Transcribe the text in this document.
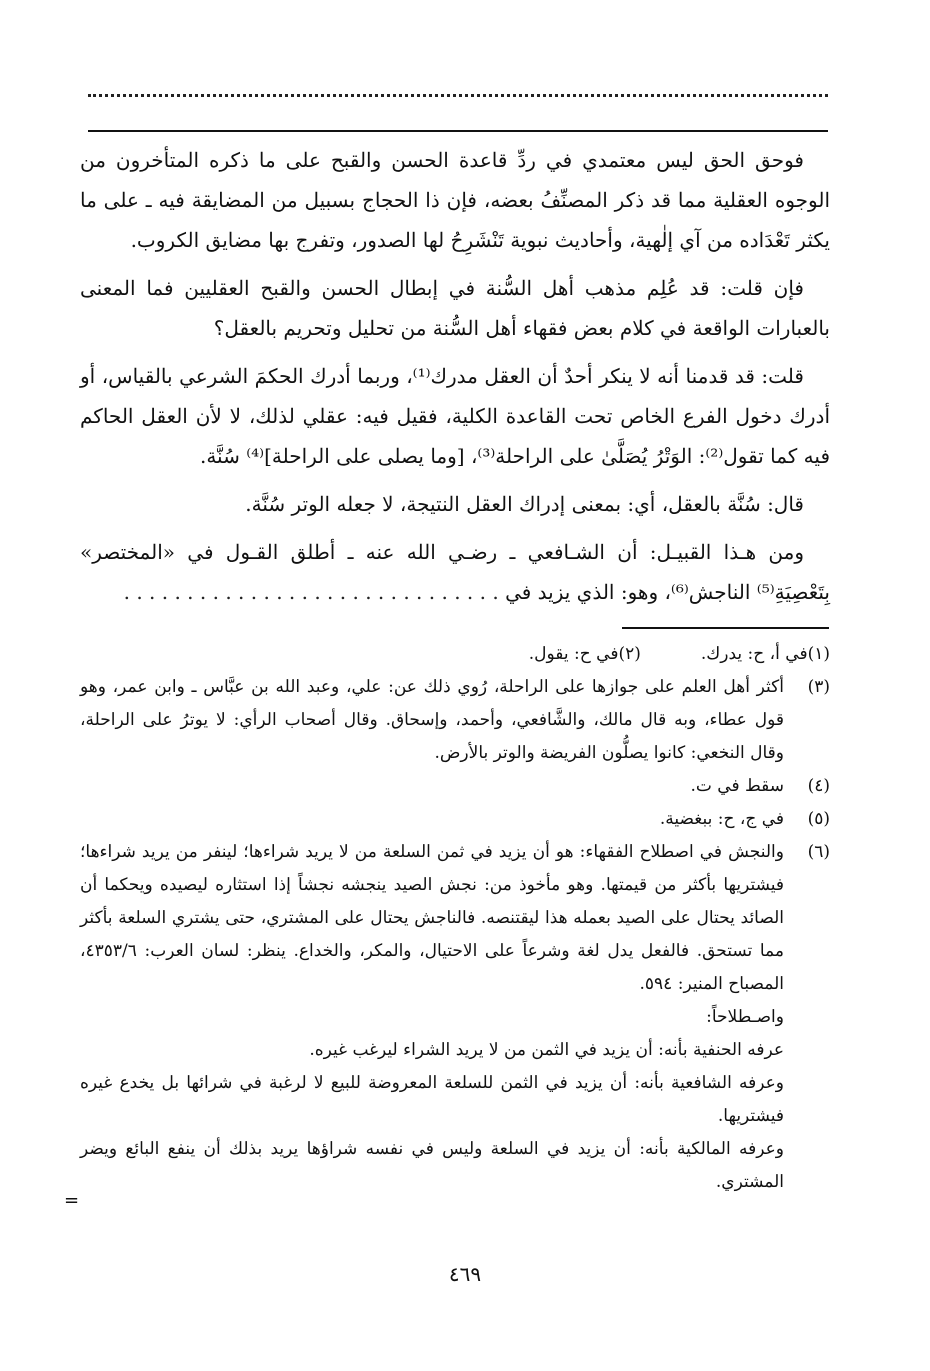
فوحق الحق ليس معتمدي في ردِّ قاعدة الحسن والقبح على ما ذكره المتأخرون من الوجوه العقلية مما قد ذكر المصنِّفُ بعضه، فإن ذا الحجاج بسبيل من المضايقة فيه ـ على ما يكثر تَعْدَاده من آي إلٰهية، وأحاديث نبوية تَنْشَرِحُ لها الصدور، وتفرج بها مضايق الكروب.

فإن قلت: قد عُلِم مذهب أهل السُّنة في إبطال الحسن والقبح العقليين فما المعنى بالعبارات الواقعة في كلام بعض فقهاء أهل السُّنة من تحليل وتحريم بالعقل؟

قلت: قد قدمنا أنه لا ينكر أحدٌ أن العقل مدرك⁽¹⁾، وربما أدرك الحكمَ الشرعي بالقياس، أو أدرك دخول الفرع الخاص تحت القاعدة الكلية، فقيل فيه: عقلي لذلك، لا لأن العقل الحاكم فيه كما تقول⁽²⁾: الوَتْرُ يُصَلَّىٰ على الراحلة⁽³⁾، [وما يصلى على الراحلة]⁽⁴⁾ سُنَّة.

قال: سُنَّة بالعقل، أي: بمعنى إدراك العقل النتيجة، لا جعله الوتر سُنَّة.

ومن هـذا القبيـل: أن الشـافعي ـ رضـي الله عنه ـ أطلق القـول في «المختصر» بِتَعْصِيَةِ⁽⁵⁾ الناجش⁽⁶⁾، وهو: الذي يزيد في . . .

(١)
في أ، ح: يدرك.
(٢)
في ح: يقول.
(٣)
أكثر أهل العلم على جوازها على الراحلة، رُوي ذلك عن: علي، وعبد الله بن عبَّاس ـ وابن عمر، وهو قول عطاء، وبه قال مالك، والشَّافعي، وأحمد، وإسحاق. وقال أصحاب الرأي: لا يوترُ على الراحلة، وقال النخعي: كانوا يصلُّون الفريضة والوتر بالأرض.
(٤)
سقط في ت.
(٥)
في ج، ح: ببغضية.
(٦)
والنجش في اصطلاح الفقهاء: هو أن يزيد في ثمن السلعة من لا يريد شراءها؛ لينفر من يريد شراءها؛ فيشتريها بأكثر من قيمتها. وهو مأخوذ من: نجش الصيد ينجشه نجشاً إذا استثاره ليصيده ويحكما أن الصائد يحتال على الصيد بعمله هذا ليقتنصه. فالناجش يحتال على المشتري، حتى يشتري السلعة بأكثر مما تستحق. فالفعل يدل لغة وشرعاً على الاحتيال، والمكر، والخداع. ينظر: لسان العرب: ٤٣٥٣/٦، المصباح المنير: ٥٩٤.

واصـطلاحاً:

عرفه الحنفية بأنه: أن يزيد في الثمن من لا يريد الشراء ليرغب غيره.

وعرفه الشافعية بأنه: أن يزيد في الثمن للسلعة المعروضة للبيع لا لرغبة في شرائها بل يخدع غيره فيشتريها.

وعرفه المالكية بأنه: أن يزيد في السلعة وليس في نفسه شراؤها يريد بذلك أن ينفع البائع ويضر المشتري.

=
٤٦٩
